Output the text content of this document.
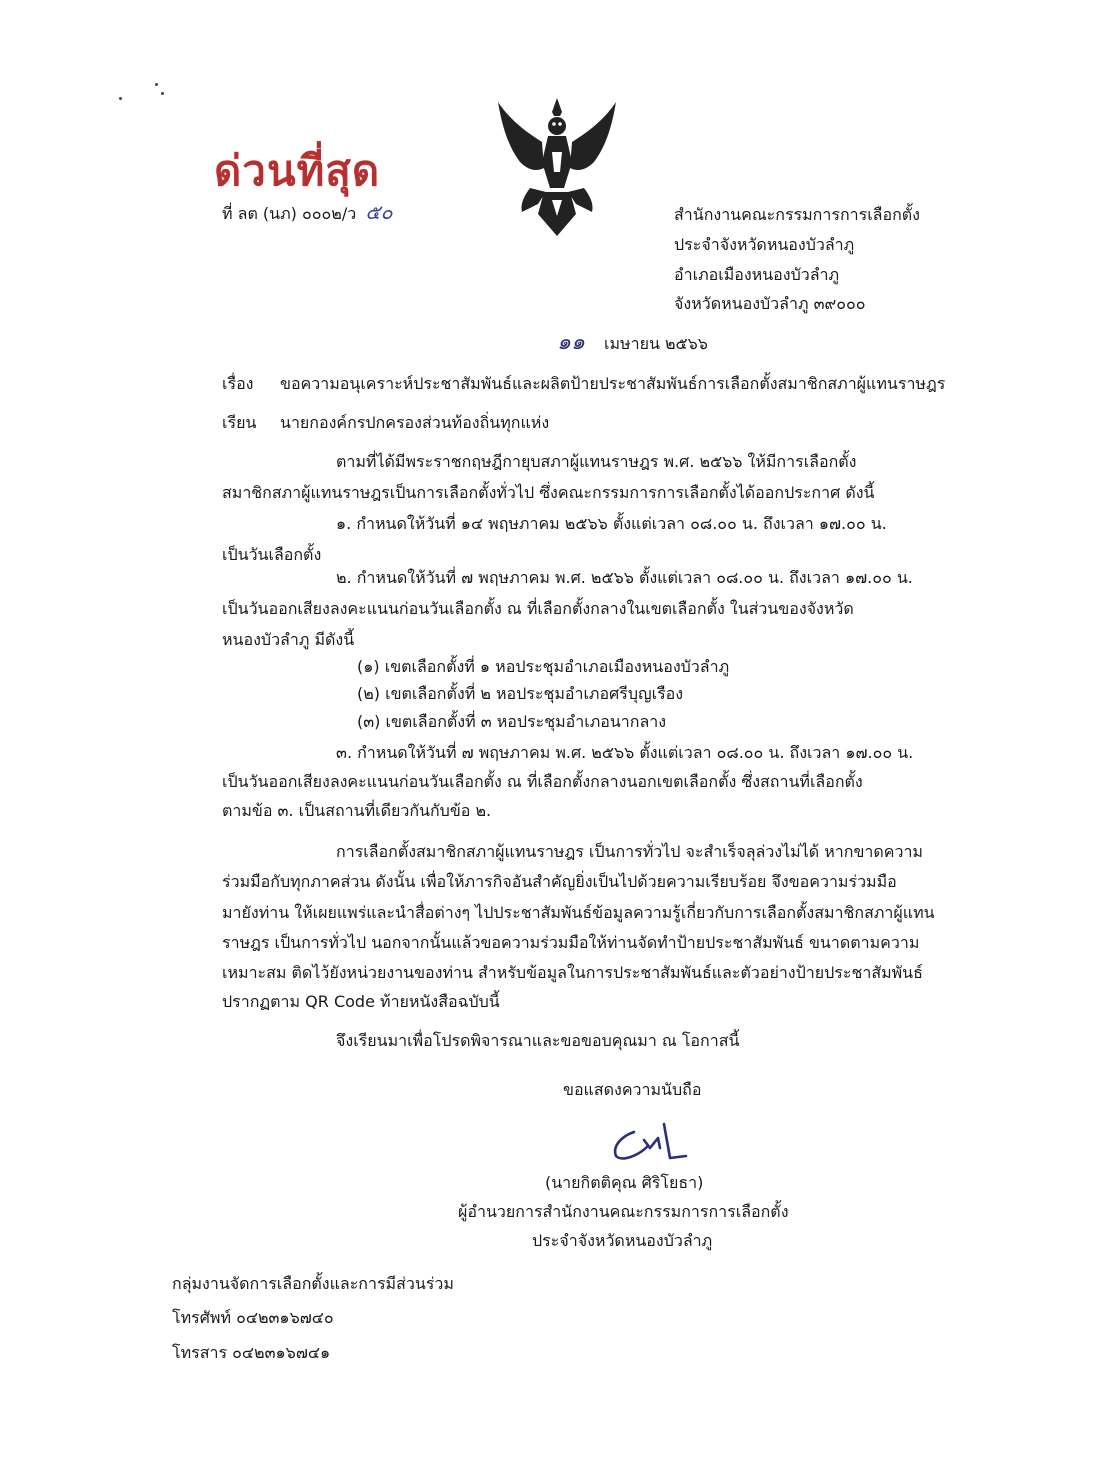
ด่วนที่สุด
ที่ ลต (นภ) ๐๐๐๒/ว ๕๐	สำนักงานคณะกรรมการการเลือกตั้ง
ประจำจังหวัดหนองบัวลำภู
อำเภอเมืองหนองบัวลำภู
จังหวัดหนองบัวลำภู ๓๙๐๐๐
๑๑ เมษายน ๒๕๖๖
เรื่อง ขอความอนุเคราะห์ประชาสัมพันธ์และผลิตป้ายประชาสัมพันธ์การเลือกตั้งสมาชิกสภาผู้แทนราษฎร
เรียน นายกองค์กรปกครองส่วนท้องถิ่นทุกแห่ง
ตามที่ได้มีพระราชกฤษฎีกายุบสภาผู้แทนราษฎร พ.ศ. ๒๕๖๖ ให้มีการเลือกตั้ง
สมาชิกสภาผู้แทนราษฎรเป็นการเลือกตั้งทั่วไป ซึ่งคณะกรรมการการเลือกตั้งได้ออกประกาศ ดังนี้
๑. กำหนดให้วันที่ ๑๔ พฤษภาคม ๒๕๖๖ ตั้งแต่เวลา ๐๘.๐๐ น. ถึงเวลา ๑๗.๐๐ น.
เป็นวันเลือกตั้ง
๒. กำหนดให้วันที่ ๗ พฤษภาคม พ.ศ. ๒๕๖๖ ตั้งแต่เวลา ๐๘.๐๐ น. ถึงเวลา ๑๗.๐๐ น.
เป็นวันออกเสียงลงคะแนนก่อนวันเลือกตั้ง ณ ที่เลือกตั้งกลางในเขตเลือกตั้ง ในส่วนของจังหวัด
หนองบัวลำภู มีดังนี้
(๑) เขตเลือกตั้งที่ ๑ หอประชุมอำเภอเมืองหนองบัวลำภู
(๒) เขตเลือกตั้งที่ ๒ หอประชุมอำเภอศรีบุญเรือง
(๓) เขตเลือกตั้งที่ ๓ หอประชุมอำเภอนากลาง
๓. กำหนดให้วันที่ ๗ พฤษภาคม พ.ศ. ๒๕๖๖ ตั้งแต่เวลา ๐๘.๐๐ น. ถึงเวลา ๑๗.๐๐ น.
เป็นวันออกเสียงลงคะแนนก่อนวันเลือกตั้ง ณ ที่เลือกตั้งกลางนอกเขตเลือกตั้ง ซึ่งสถานที่เลือกตั้ง
ตามข้อ ๓. เป็นสถานที่เดียวกันกับข้อ ๒.
การเลือกตั้งสมาชิกสภาผู้แทนราษฎร เป็นการทั่วไป จะสำเร็จลุล่วงไม่ได้ หากขาดความ
ร่วมมือกับทุกภาคส่วน ดังนั้น เพื่อให้ภารกิจอันสำคัญยิ่งเป็นไปด้วยความเรียบร้อย จึงขอความร่วมมือ
มายังท่าน ให้เผยแพร่และนำสื่อต่างๆ ไปประชาสัมพันธ์ข้อมูลความรู้เกี่ยวกับการเลือกตั้งสมาชิกสภาผู้แทน
ราษฎร เป็นการทั่วไป นอกจากนั้นแล้วขอความร่วมมือให้ท่านจัดทำป้ายประชาสัมพันธ์ ขนาดตามความ
เหมาะสม ติดไว้ยังหน่วยงานของท่าน สำหรับข้อมูลในการประชาสัมพันธ์และตัวอย่างป้ายประชาสัมพันธ์
ปรากฏตาม QR Code ท้ายหนังสือฉบับนี้
จึงเรียนมาเพื่อโปรดพิจารณาและขอขอบคุณมา ณ โอกาสนี้
ขอแสดงความนับถือ
(นายกิตติคุณ ศิริโยธา)
ผู้อำนวยการสำนักงานคณะกรรมการการเลือกตั้ง
ประจำจังหวัดหนองบัวลำภู
กลุ่มงานจัดการเลือกตั้งและการมีส่วนร่วม
โทรศัพท์ ๐๔๒๓๑๖๗๔๐
โทรสาร ๐๔๒๓๑๖๗๔๑
